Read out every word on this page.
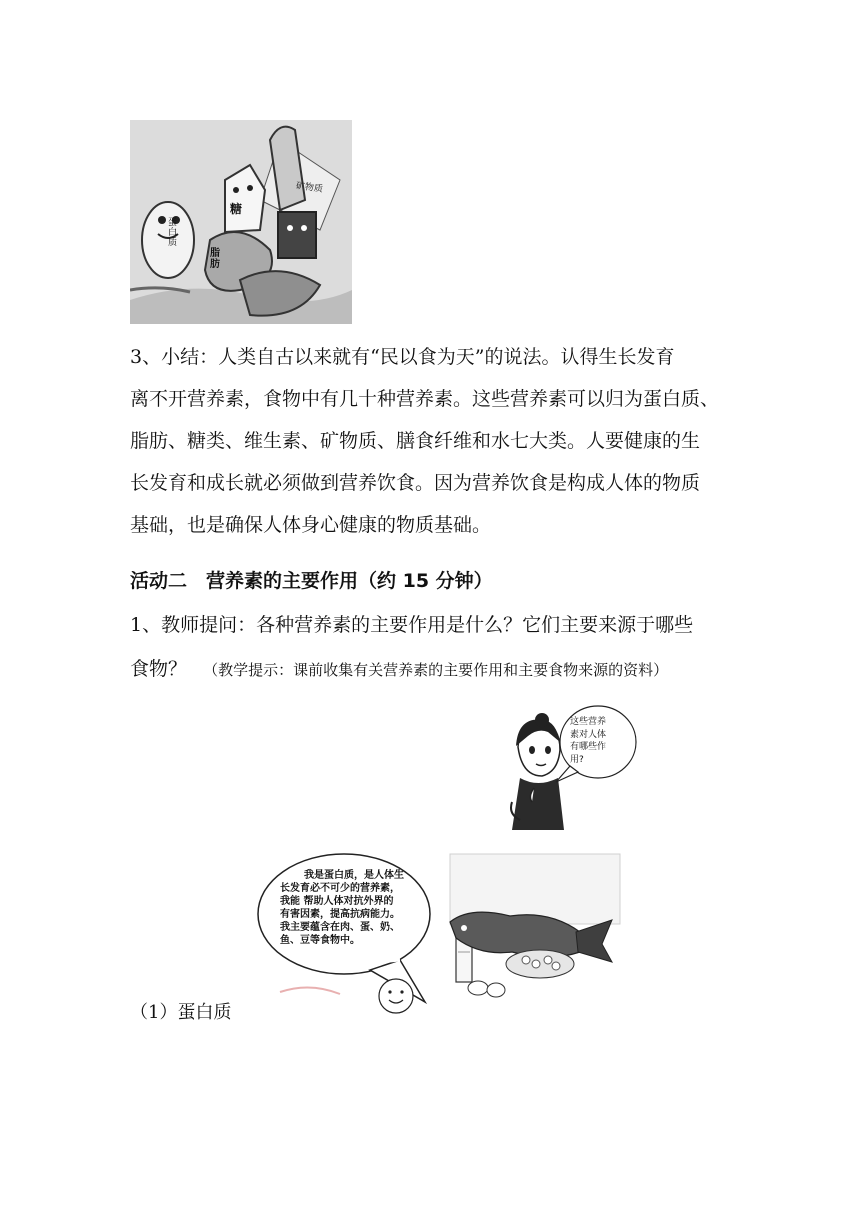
糖
矿物质
蛋白质
脂肪
3、小结：人类自古以来就有“民以食为天”的说法。认得生长发育
离不开营养素，食物中有几十种营养素。这些营养素可以归为蛋白质、
脂肪、糖类、维生素、矿物质、膳食纤维和水七大类。人要健康的生
长发育和成长就必须做到营养饮食。因为营养饮食是构成人体的物质
基础，也是确保人体身心健康的物质基础。
活动二　营养素的主要作用（约 15 分钟）
1、教师提问：各种营养素的主要作用是什么？它们主要来源于哪些
食物？ （教学提示：课前收集有关营养素的主要作用和主要食物来源的资料）
这些营养
素对人体
有哪些作
用?
我是蛋白质，是人体生
长发育必不可少的营养素，
我能 帮助人体对抗外界的
有害因素，提高抗病能力。
我主要蕴含在肉、蛋、奶、
鱼、豆等食物中。
（1）蛋白质
